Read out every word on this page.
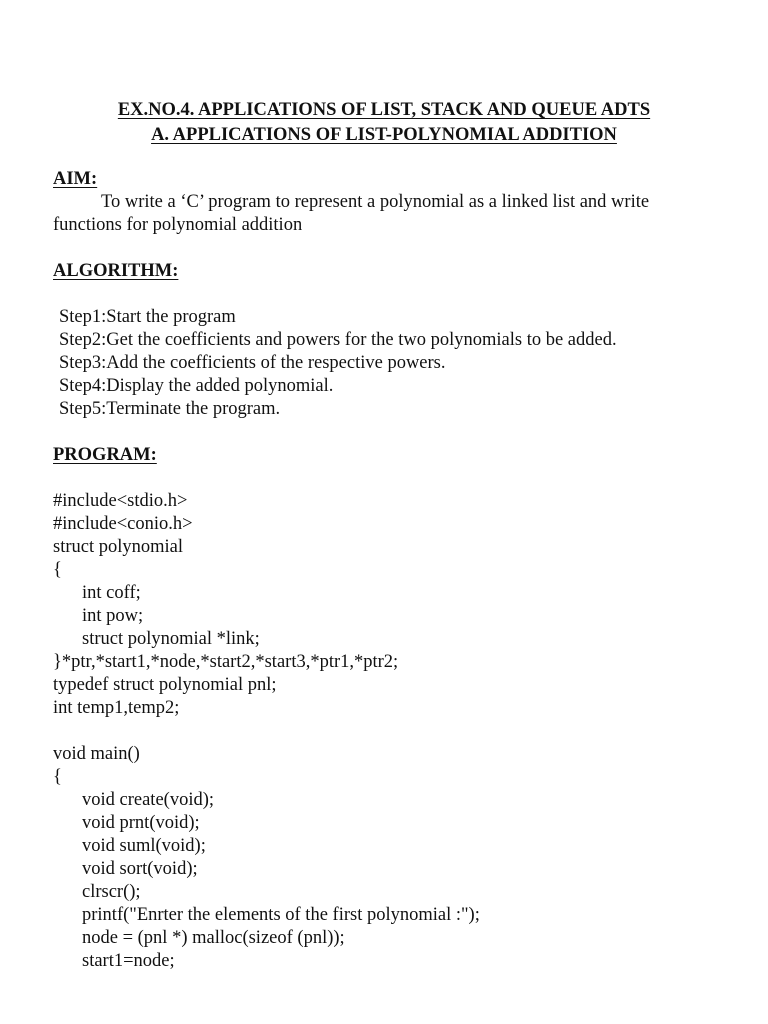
EX.NO.4. APPLICATIONS OF LIST, STACK AND QUEUE ADTS
A. APPLICATIONS OF LIST-POLYNOMIAL ADDITION
AIM:
To write a ‘C’ program to represent a polynomial as a linked list and write
functions for polynomial addition
ALGORITHM:
Step1:Start the program
Step2:Get the coefficients and powers for the two polynomials to be added.
Step3:Add the coefficients of the respective powers.
Step4:Display the added polynomial.
Step5:Terminate the program.
PROGRAM:
#include<stdio.h>
#include<conio.h>
struct polynomial
{
int coff;
int pow;
struct polynomial *link;
}*ptr,*start1,*node,*start2,*start3,*ptr1,*ptr2;
typedef struct polynomial pnl;
int temp1,temp2;
void main()
{
void create(void);
void prnt(void);
void suml(void);
void sort(void);
clrscr();
printf("Enrter the elements of the first polynomial :");
node = (pnl *) malloc(sizeof (pnl));
start1=node;
